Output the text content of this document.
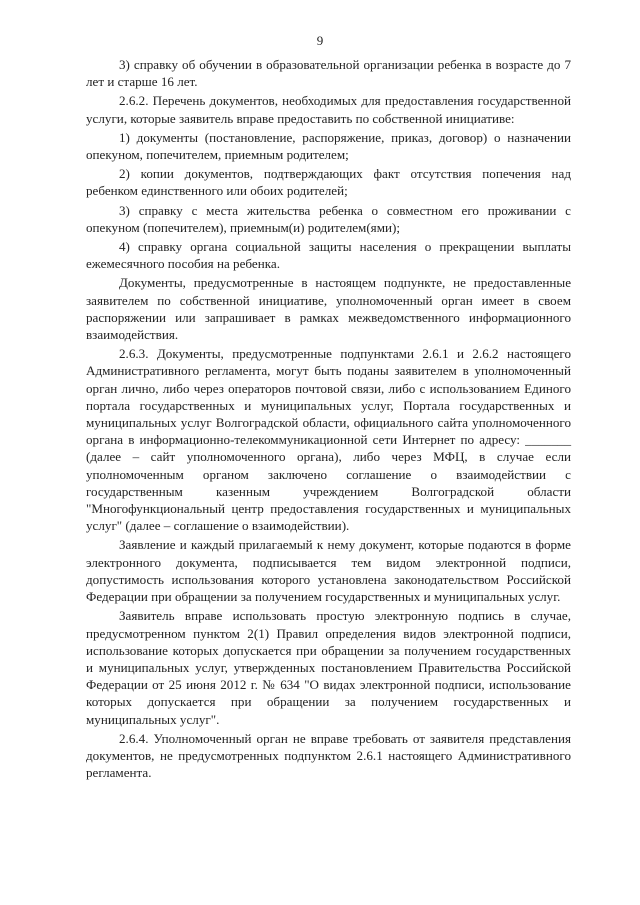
9

3) справку об обучении в образовательной организации ребенка в возрасте до 7 лет и старше 16 лет.

2.6.2. Перечень документов, необходимых для предоставления государственной услуги, которые заявитель вправе предоставить по собственной инициативе:

1) документы (постановление, распоряжение, приказ, договор) о назначении опекуном, попечителем, приемным родителем;

2) копии документов, подтверждающих факт отсутствия попечения над ребенком единственного или обоих родителей;

3) справку с места жительства ребенка о совместном его проживании с опекуном (попечителем), приемным(и) родителем(ями);

4) справку органа социальной защиты населения о прекращении выплаты ежемесячного пособия на ребенка.

Документы, предусмотренные в настоящем подпункте, не предоставленные заявителем по собственной инициативе, уполномоченный орган имеет в своем распоряжении или запрашивает в рамках межведомственного информационного взаимодействия.

2.6.3. Документы, предусмотренные подпунктами 2.6.1 и 2.6.2 настоящего Административного регламента, могут быть поданы заявителем в уполномоченный орган лично, либо через операторов почтовой связи, либо с использованием Единого портала государственных и муниципальных услуг, Портала государственных и муниципальных услуг Волгоградской области, официального сайта уполномоченного органа в информационно-телекоммуникационной сети Интернет по адресу: _______ (далее – сайт уполномоченного органа), либо через МФЦ, в случае если уполномоченным органом заключено соглашение о взаимодействии с государственным казенным учреждением Волгоградской области "Многофункциональный центр предоставления государственных и муниципальных услуг" (далее – соглашение о взаимодействии).

Заявление и каждый прилагаемый к нему документ, которые подаются в форме электронного документа, подписывается тем видом электронной подписи, допустимость использования которого установлена законодательством Российской Федерации при обращении за получением государственных и муниципальных услуг.

Заявитель вправе использовать простую электронную подпись в случае, предусмотренном пунктом 2(1) Правил определения видов электронной подписи, использование которых допускается при обращении за получением государственных и муниципальных услуг, утвержденных постановлением Правительства Российской Федерации от 25 июня 2012 г. № 634 "О видах электронной подписи, использование которых допускается при обращении за получением государственных и муниципальных услуг".

2.6.4. Уполномоченный орган не вправе требовать от заявителя представления документов, не предусмотренных подпунктом 2.6.1 настоящего Административного регламента.
